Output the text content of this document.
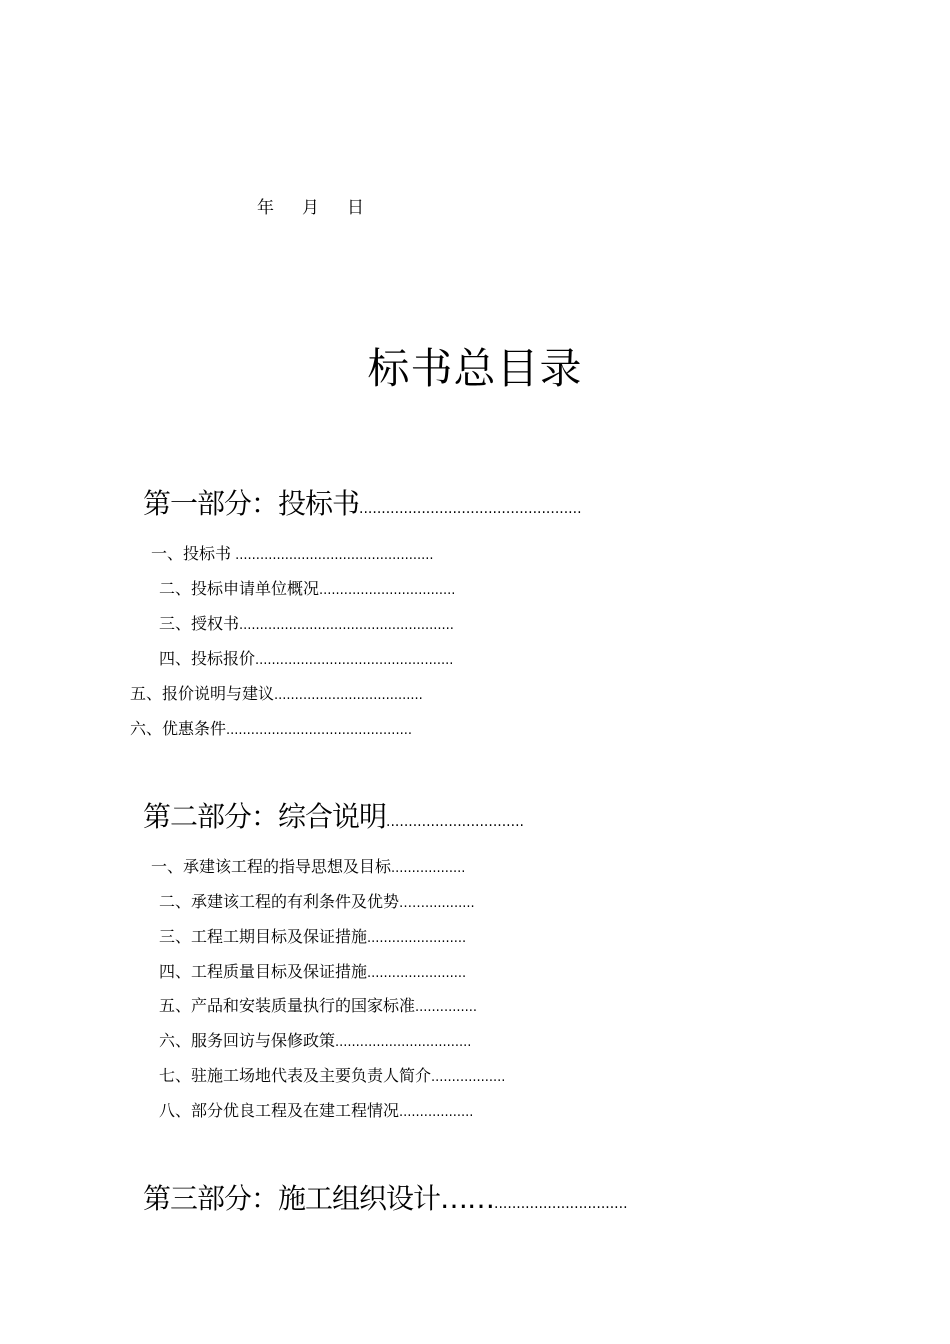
年 月 日
标书总目录
第一部分：投标书..................................................
一、投标书 ................................................
二、投标申请单位概况.................................
三、授权书....................................................
四、投标报价................................................
五、报价说明与建议....................................
六、优惠条件.............................................
第二部分：综合说明...............................
一、承建该工程的指导思想及目标..................
二、承建该工程的有利条件及优势……............
三、工程工期目标及保证措施........................
四、工程质量目标及保证措施........................
五、产品和安装质量执行的国家标准...............
六、服务回访与保修政策.................................
七、驻施工场地代表及主要负责人简介..................
八、部分优良工程及在建工程情况..................
第三部分：施工组织设计……..............................
